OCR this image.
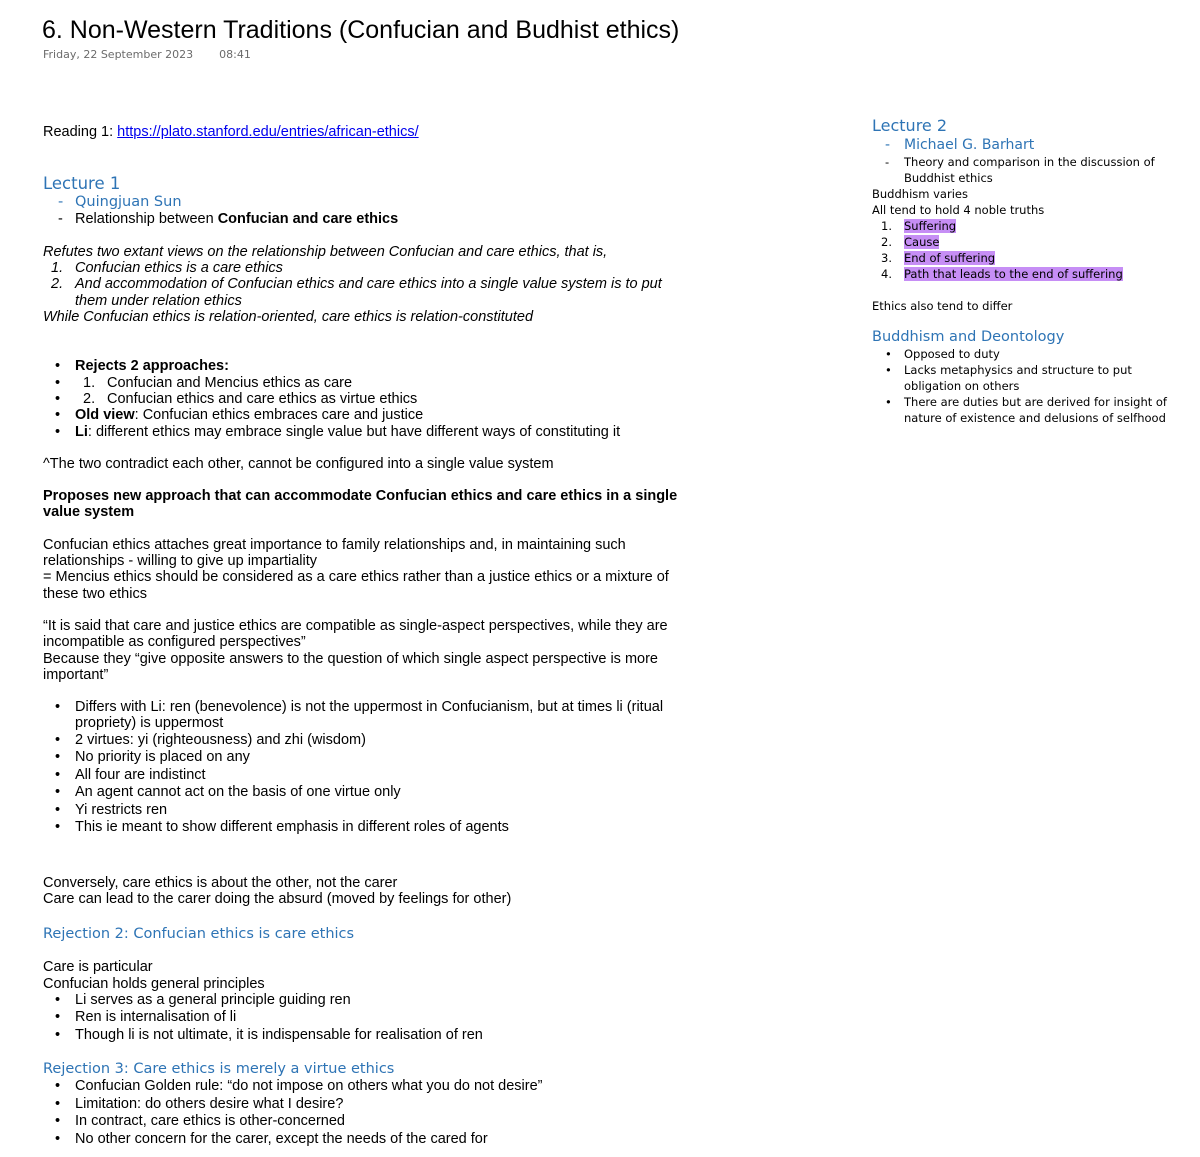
6. Non-Western Traditions (Confucian and Budhist ethics)
Friday, 22 September 2023 08:41
Reading 1: https://plato.stanford.edu/entries/african-ethics/
Lecture 1
- Quingjuan Sun
- Relationship between Confucian and care ethics
Refutes two extant views on the relationship between Confucian and care ethics, that is,
1. Confucian ethics is a care ethics
2. And accommodation of Confucian ethics and care ethics into a single value system is to put them under relation ethics
While Confucian ethics is relation-oriented, care ethics is relation-constituted
• Rejects 2 approaches:
• 1. Confucian and Mencius ethics as care
• 2. Confucian ethics and care ethics as virtue ethics
• Old view: Confucian ethics embraces care and justice
• Li: different ethics may embrace single value but have different ways of constituting it
^The two contradict each other, cannot be configured into a single value system
Proposes new approach that can accommodate Confucian ethics and care ethics in a single value system
Confucian ethics attaches great importance to family relationships and, in maintaining such relationships - willing to give up impartiality
= Mencius ethics should be considered as a care ethics rather than a justice ethics or a mixture of these two ethics
“It is said that care and justice ethics are compatible as single-aspect perspectives, while they are incompatible as configured perspectives”
Because they “give opposite answers to the question of which single aspect perspective is more important”
• Differs with Li: ren (benevolence) is not the uppermost in Confucianism, but at times li (ritual propriety) is uppermost
• 2 virtues: yi (righteousness) and zhi (wisdom)
• No priority is placed on any
• All four are indistinct
• An agent cannot act on the basis of one virtue only
• Yi restricts ren
• This ie meant to show different emphasis in different roles of agents
Conversely, care ethics is about the other, not the carer
Care can lead to the carer doing the absurd (moved by feelings for other)
Rejection 2: Confucian ethics is care ethics
Care is particular
Confucian holds general principles
• Li serves as a general principle guiding ren
• Ren is internalisation of li
• Though li is not ultimate, it is indispensable for realisation of ren
Rejection 3: Care ethics is merely a virtue ethics
• Confucian Golden rule: “do not impose on others what you do not desire”
• Limitation: do others desire what I desire?
• In contract, care ethics is other-concerned
• No other concern for the carer, except the needs of the cared for
Lecture 2
- Michael G. Barhart
- Theory and comparison in the discussion of Buddhist ethics
Buddhism varies
All tend to hold 4 noble truths
1. Suffering
2. Cause
3. End of suffering
4. Path that leads to the end of suffering
Ethics also tend to differ
Buddhism and Deontology
• Opposed to duty
• Lacks metaphysics and structure to put obligation on others
• There are duties but are derived for insight of nature of existence and delusions of selfhood
